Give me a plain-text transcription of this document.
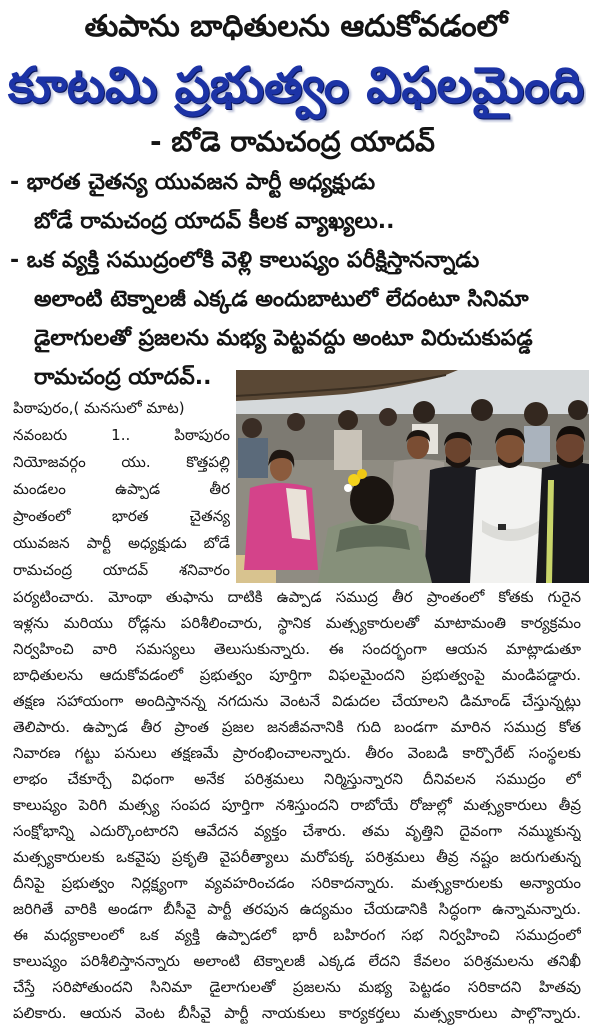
తుపాను బాధితులను ఆదుకోవడంలో
కూటమి ప్రభుత్వం విఫలమైంది
- బోడె రామచంద్ర యాదవ్
- భారత చైతన్య యువజన పార్టీ అధ్యక్షుడు
బోడే రామచంద్ర యాదవ్ కీలక వ్యాఖ్యలు..
- ఒక వ్యక్తి సముద్రంలోకి వెళ్లి కాలుష్యం పరీక్షిస్తానన్నాడు
అలాంటి టెక్నాలజీ ఎక్కడ అందుబాటులో లేదంటూ సినిమా
డైలాగులతో ప్రజలను మభ్య పెట్టవద్దు అంటూ విరుచుకుపడ్డ
రామచంద్ర యాదవ్..
పిఠాపురం,( మనసులో మాట)
నవంబరు 1.. పిఠాపురం
నియోజవర్గం యు. కొత్తపల్లి
మండలం ఉప్పాడ తీర
ప్రాంతంలో భారత చైతన్య
యువజన పార్టీ అధ్యక్షుడు బోడే
రామచంద్ర యాదవ్ శనివారం
పర్యటించారు. మోంథా తుఫాను దాటికి ఉప్పాడ సముద్ర తీర ప్రాంతంలో కోతకు గురైన
ఇళ్లను మరియు రోడ్లను పరిశీలించారు, స్థానిక మత్స్యకారులతో మాటామంతి కార్యక్రమం
నిర్వహించి వారి సమస్యలు తెలుసుకున్నారు. ఈ సందర్భంగా ఆయన మాట్లాడుతూ
బాధితులను ఆదుకోవడంలో ప్రభుత్వం పూర్తిగా విఫలమైందని ప్రభుత్వంపై మండిపడ్డారు.
తక్షణ సహాయంగా అందిస్తానన్న నగదును వెంటనే విడుదల చేయాలని డిమాండ్ చేస్తున్నట్లు
తెలిపారు. ఉప్పాడ తీర ప్రాంత ప్రజల జనజీవనానికి గుది బండగా మారిన సముద్ర కోత
నివారణ గట్టు పనులు తక్షణమే ప్రారంభించాలన్నారు. తీరం వెంబడి కార్పొరేట్ సంస్థలకు
లాభం చేకూర్చే విధంగా అనేక పరిశ్రమలు నిర్మిస్తున్నారని దీనివలన సముద్రం లో
కాలుష్యం పెరిగి మత్స్య సంపద పూర్తిగా నశిస్తుందని రాబోయే రోజుల్లో మత్స్యకారులు తీవ్ర
సంక్షోభాన్ని ఎదుర్కొంటారని ఆవేదన వ్యక్తం చేశారు. తమ వృత్తిని దైవంగా నమ్ముకున్న
మత్స్యకారులకు ఒకవైపు ప్రకృతి వైపరీత్యాలు మరోపక్క పరిశ్రమలు తీవ్ర నష్టం జరుగుతున్న
దీనిపై ప్రభుత్వం నిర్లక్ష్యంగా వ్యవహరించడం సరికాదన్నారు. మత్స్యకారులకు అన్యాయం
జరిగితే వారికి అండగా బీసీవై పార్టీ తరపున ఉద్యమం చేయడానికి సిద్ధంగా ఉన్నామన్నారు.
ఈ మధ్యకాలంలో ఒక వ్యక్తి ఉప్పాడలో భారీ బహిరంగ సభ నిర్వహించి సముద్రంలో
కాలుష్యం పరిశీలిస్తానన్నారు అలాంటి టెక్నాలజీ ఎక్కడ లేదని కేవలం పరిశ్రమలను తనిఖీ
చేస్తే సరిపోతుందని సినిమా డైలాగులతో ప్రజలను మభ్య పెట్టడం సరికాదని హితవు
పలికారు. ఆయన వెంట బీసీవై పార్టీ నాయకులు కార్యకర్తలు మత్స్యకారులు పాల్గొన్నారు.
